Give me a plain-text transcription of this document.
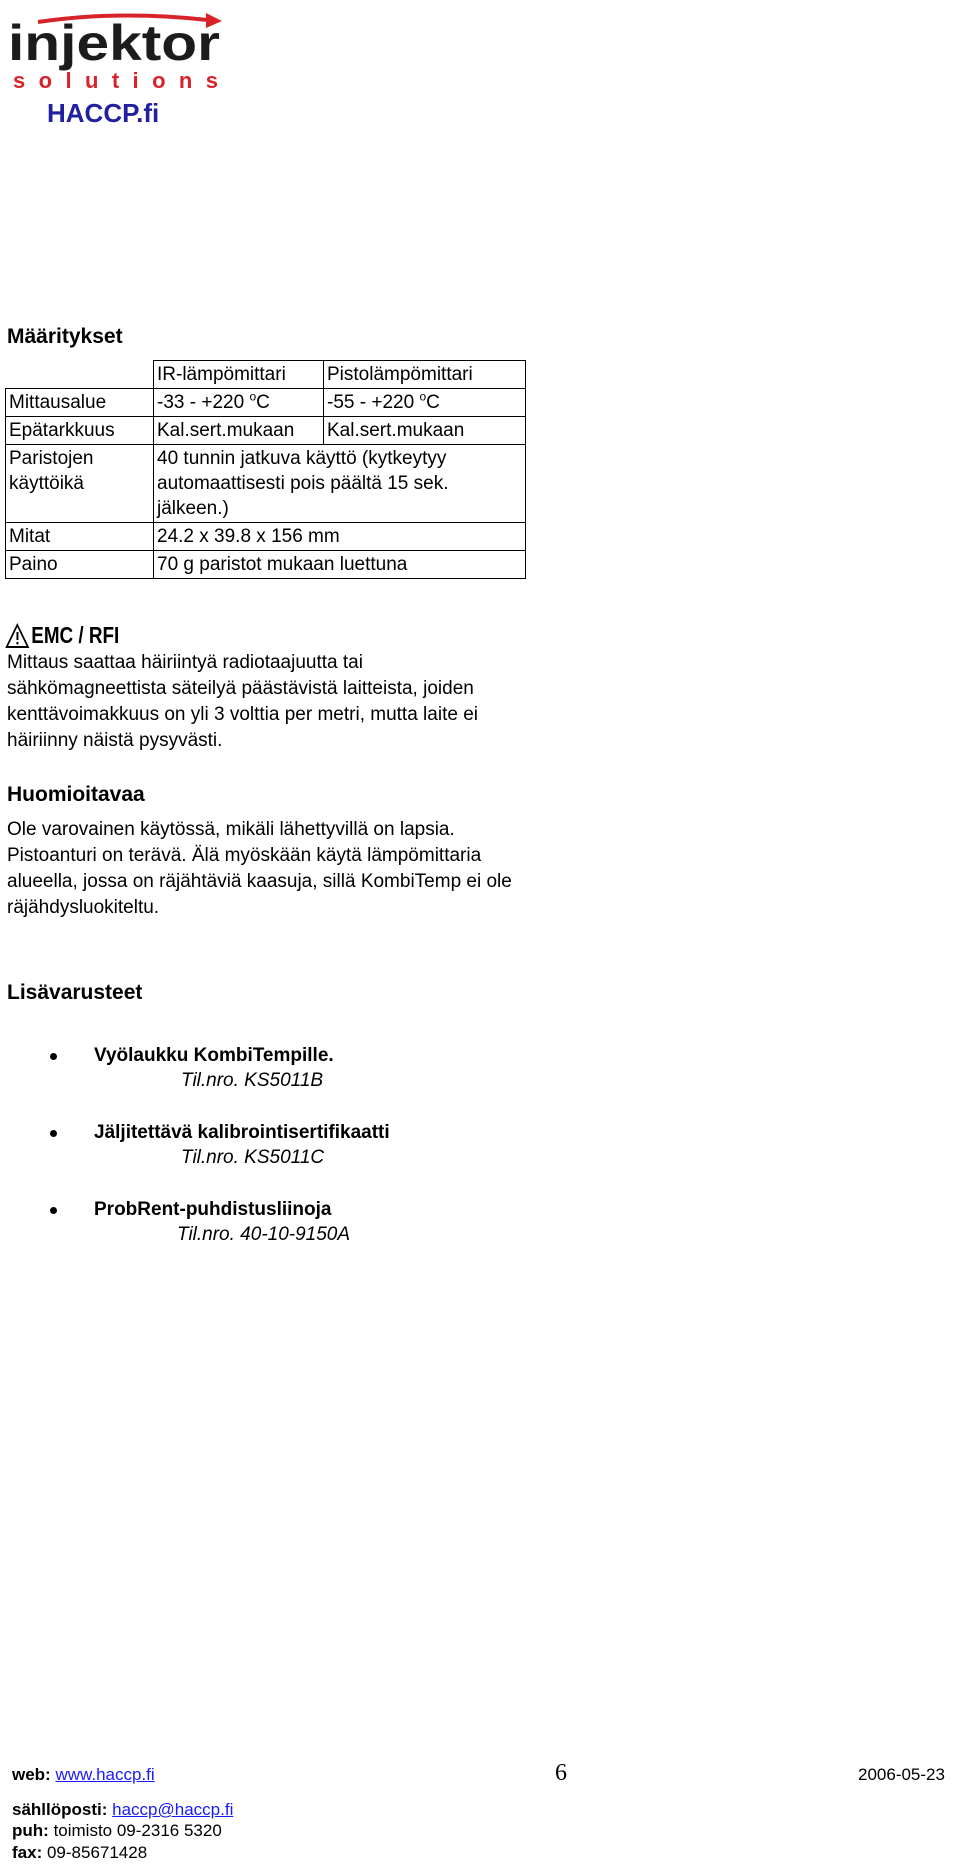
injektor
solutions
HACCP.fi
Määritykset
	IR-lämpömittari	Pistolämpömittari
Mittausalue	-33 - +220 $^o$C	-55 - +220 $^o$C
Epätarkkuus	Kal.sert.mukaan	Kal.sert.mukaan
Paristojen
käyttöikä	40 tunnin jatkuva käyttö (kytkeytyy automaattisesti pois päältä 15 sek. jälkeen.)	
Mitat	24.2 x 39.8 x 156 mm	
Paino	70 g paristot mukaan luettuna	
EMC / RFI
Mittaus saattaa häiriintyä radiotaajuutta tai sähkömagneettista säteilyä päästävistä laitteista, joiden kenttävoimakkuus on yli 3 volttia per metri, mutta laite ei häiriinny näistä pysyvästi.
Huomioitavaa
Ole varovainen käytössä, mikäli lähettyvillä on lapsia. Pistoanturi on terävä. Älä myöskään käytä lämpömittaria alueella, jossa on räjähtäviä kaasuja, sillä KombiTemp ei ole räjähdysluokiteltu.
Lisävarusteet
Vyölaukku KombiTempille.
Til.nro. KS5011B
Jäljitettävä kalibrointisertifikaatti
Til.nro. KS5011C
ProbRent-puhdistusliinoja
Til.nro. 40-10-9150A
web: www.haccp.fi	6	2006-05-23
sähllöposti: haccp@haccp.fi
puh: toimisto 09-2316 5320
fax: 09-85671428
